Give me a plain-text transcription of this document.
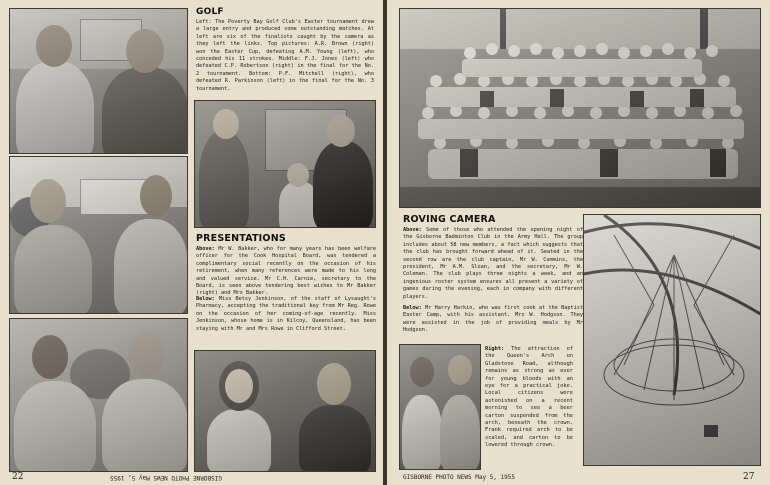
GOLF
Left: The Poverty Bay Golf Club's Easter tournament drew a large entry and produced some outstanding matches. At left are six of the finalists caught by the camera as they left the links. Top pictures: A.R. Brown (right) won the Easter Cup, defeating A.M. Young (left), who conceded his 11 strokes. Middle: F.J. Jones (left) who defeated C.P. Robertson (right) in the final for the No. 2 tournament. Bottom: P.F. Mitchell (right), who defeated R. Parkinson (left) in the final for the No. 3 tournament.
PRESENTATIONS
Above: Mr W. Bakker, who for many years has been welfare officer for the Cook Hospital Board, was tendered a complimentary social recently on the occasion of his retirement, when many references were made to his long and valued service. Mr C.H. Carnie, secretary to the Board, is seen above tendering best wishes to Mr Bakker (right) and Mrs Bakker.
Below: Miss Betsy Jenkinson, of the staff of Lysaught's Pharmacy, accepting the traditional key from Mr Reg. Rowe on the occasion of her coming-of-age recently. Miss Jenkinson, whose home is in Kilcoy, Queensland, has been staying with Mr and Mrs Rowe in Clifford Street.
22	GISBORNE PHOTO NEWS May 5, 1955
ROVING CAMERA
Above: Some of those who attended the opening night of the Gisborne Badminton Club in the Army Hall. The group includes about 58 new members, a fact which suggests that the club has brought forward ahead of it. Seated in the second row are the club captain, Mr W. Cummins, the president, Mr A.M. Sloan, and the secretary, Mr W. Coleman. The club plays three nights a week, and an ingenious roster system ensures all present a variety of games during the evening, each in company with different players.
Below: Mr Harry Harkin, who was first cook at the Baptist Easter Camp, with his assistant, Mrs W. Hodgson. They were assisted in the job of providing meals by Mr Hodgson.
Right: The attraction of the Queen's Arch on Gladstone Road, although remains as strong as ever for young bloods with an eye for a practical joke. Local citizens were astonished on a recent morning to see a beer carton suspended from the arch, beneath the crown. Frank required arch to be scaled, and carton to be lowered through crown.
GISBORNE PHOTO NEWS May 5, 1955	27
